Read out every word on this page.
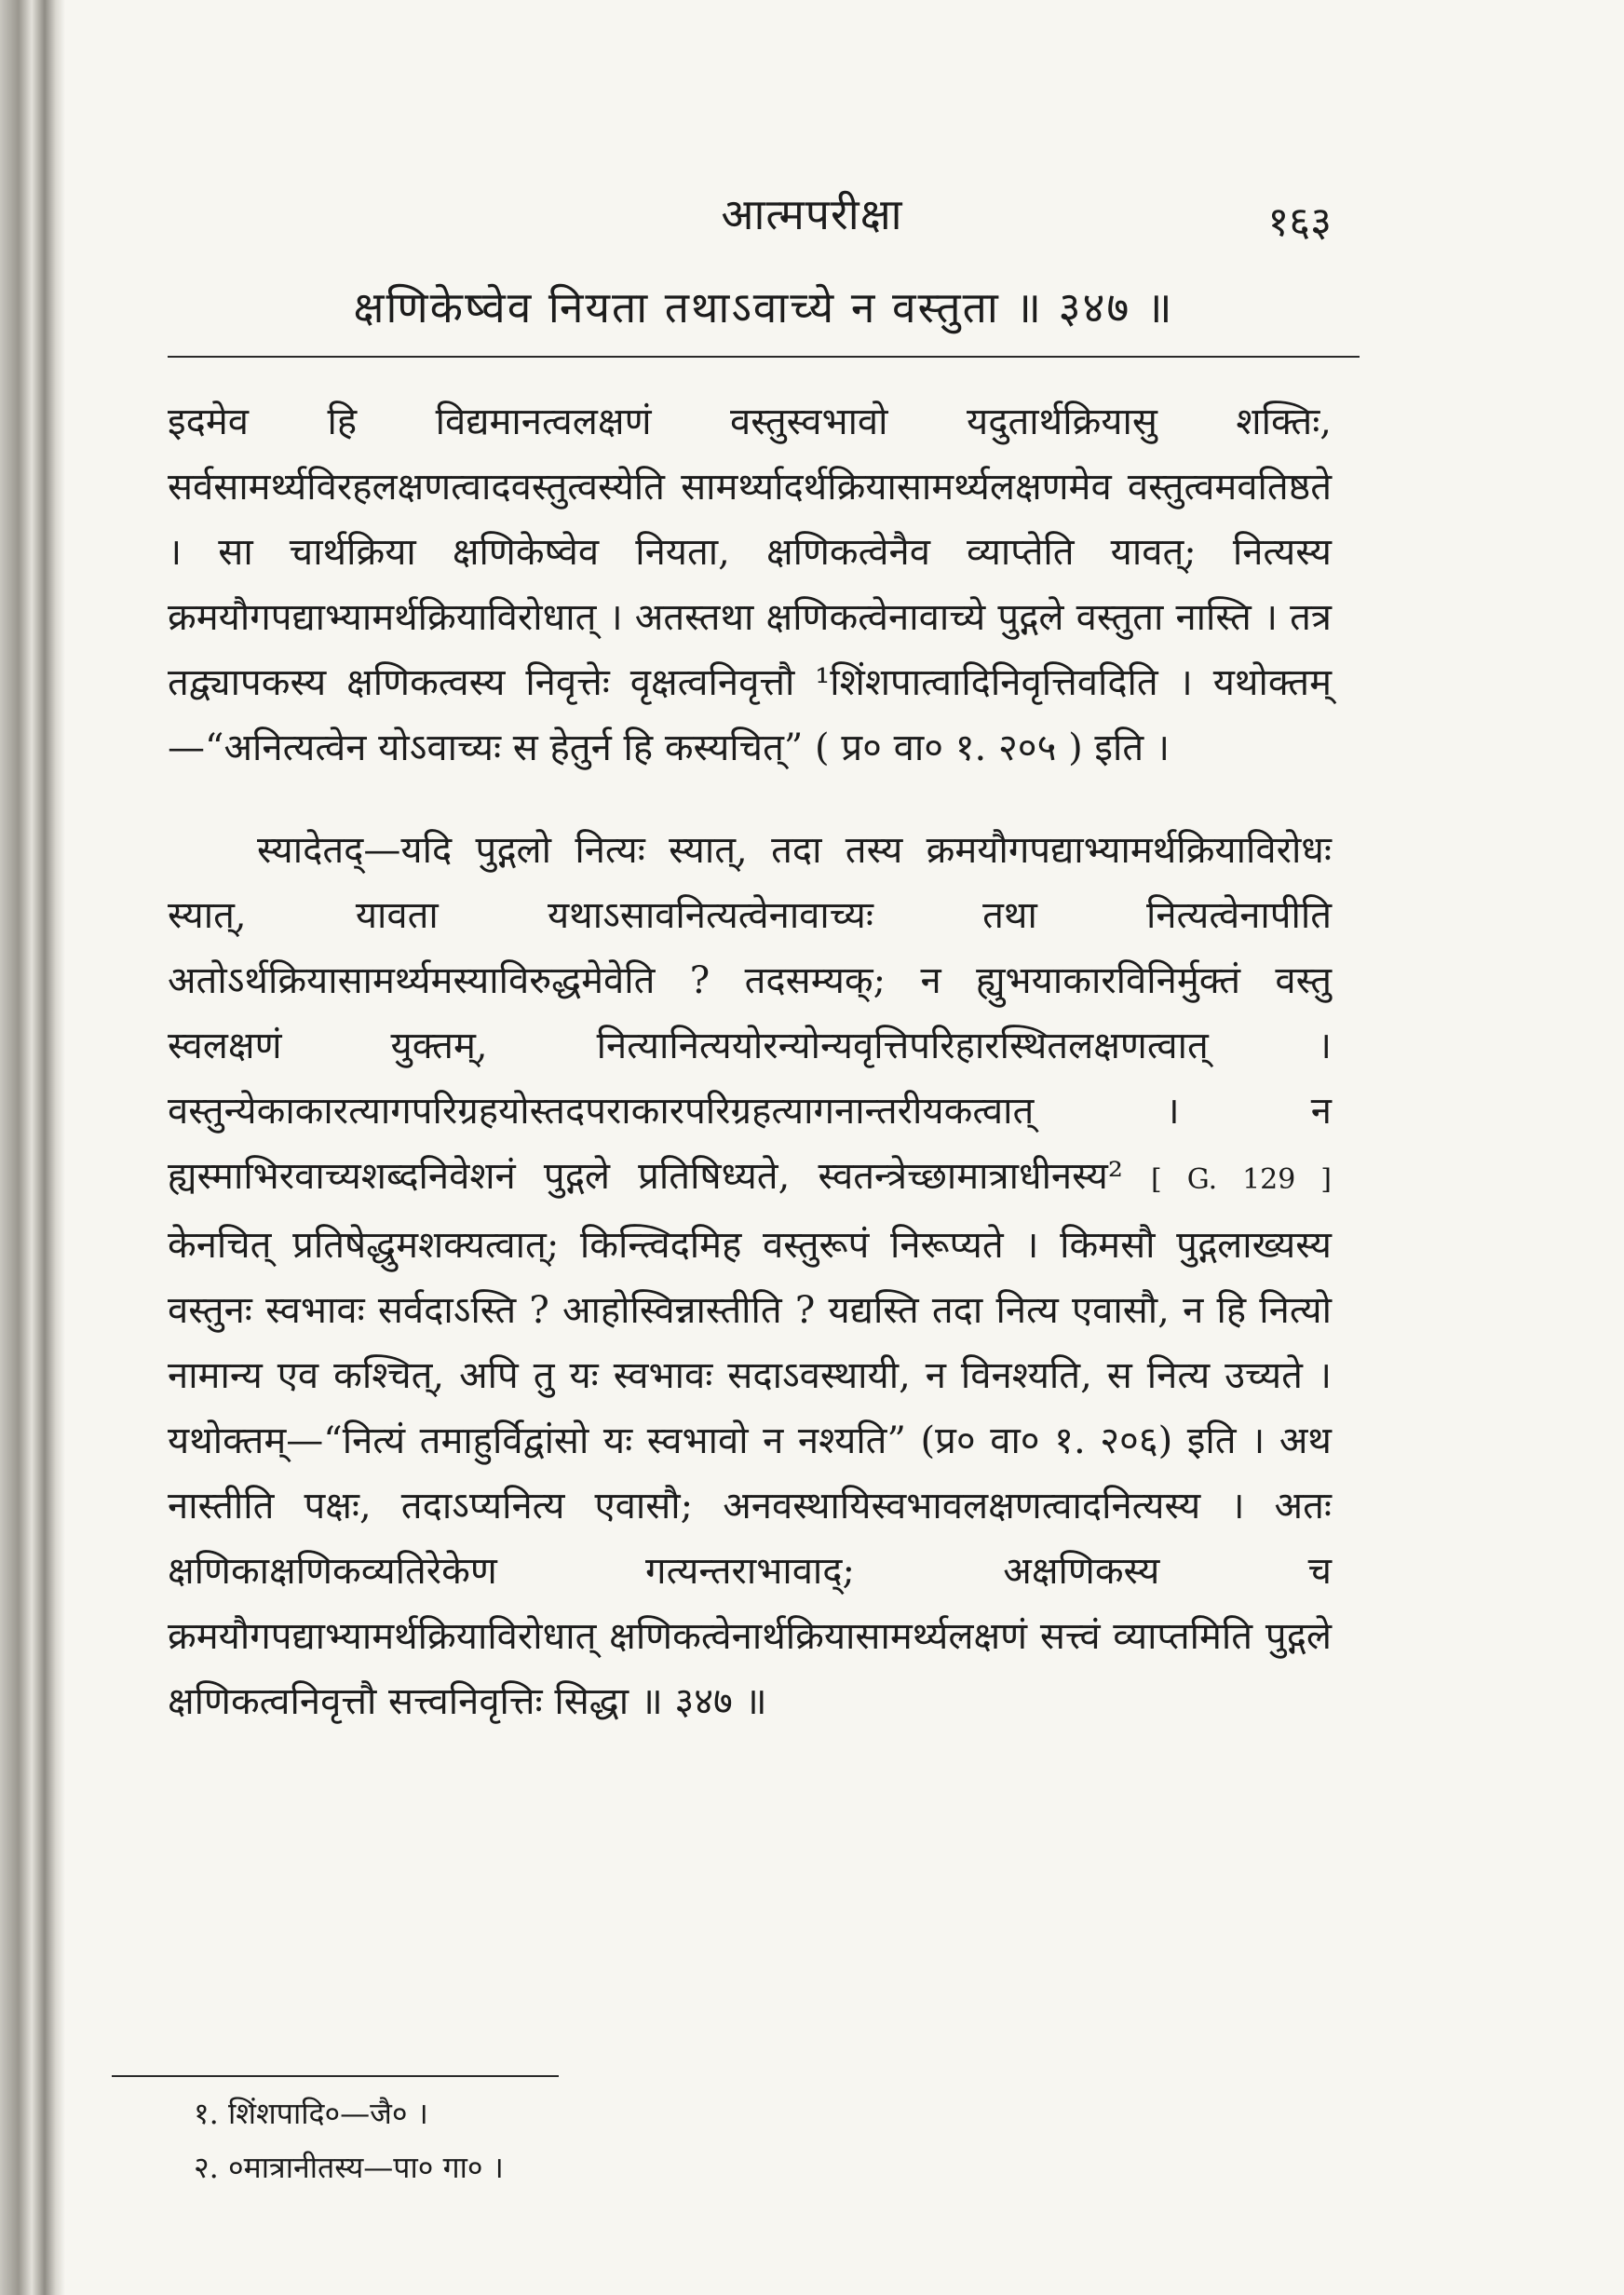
आत्मपरीक्षा	१६३
क्षणिकेष्वेव नियता तथाऽवाच्ये न वस्तुता ॥ ३४७ ॥

इदमेव हि विद्यमानत्वलक्षणं वस्तुस्वभावो यदुतार्थक्रियासु शक्तिः, सर्वसामर्थ्यविरहलक्षणत्वादवस्तुत्वस्येति सामर्थ्यादर्थक्रियासामर्थ्यलक्षणमेव वस्तुत्वमवतिष्ठते । सा चार्थक्रिया क्षणिकेष्वेव नियता, क्षणिकत्वेनैव व्याप्तेति यावत्; नित्यस्य क्रमयौगपद्याभ्यामर्थक्रियाविरोधात् । अतस्तथा क्षणिकत्वेनावाच्ये पुद्गले वस्तुता नास्ति । तत्र तद्व्यापकस्य क्षणिकत्वस्य निवृत्तेः वृक्षत्वनिवृत्तौ ¹शिंशपात्वादिनिवृत्तिवदिति । यथोक्तम्—“अनित्यत्वेन योऽवाच्यः स हेतुर्न हि कस्यचित्” ( प्र० वा० १. २०५ ) इति ।

स्यादेतद्—यदि पुद्गलो नित्यः स्यात्, तदा तस्य क्रमयौगपद्याभ्यामर्थक्रियाविरोधः स्यात्, यावता यथाऽसावनित्यत्वेनावाच्यः तथा नित्यत्वेनापीति अतोऽर्थक्रियासामर्थ्यमस्याविरुद्धमेवेति ? तदसम्यक्; न ह्युभयाकारविनिर्मुक्तं वस्तु स्वलक्षणं युक्तम्, नित्यानित्ययोरन्योन्यवृत्तिपरिहारस्थितलक्षणत्वात् । वस्तुन्येकाकारत्यागपरिग्रहयोस्तदपराकारपरिग्रहत्यागनान्तरीयकत्वात् । न ह्यस्माभिरवाच्यशब्दनिवेशनं पुद्गले प्रतिषिध्यते, स्वतन्त्रेच्छामात्राधीनस्य² [ G. 129 ] केनचित् प्रतिषेद्धुमशक्यत्वात्; किन्त्विदमिह वस्तुरूपं निरूप्यते । किमसौ पुद्गलाख्यस्य वस्तुनः स्वभावः सर्वदाऽस्ति ? आहोस्विन्नास्तीति ? यद्यस्ति तदा नित्य एवासौ, न हि नित्यो नामान्य एव कश्चित्, अपि तु यः स्वभावः सदाऽवस्थायी, न विनश्यति, स नित्य उच्यते । यथोक्तम्—“नित्यं तमाहुर्विद्वांसो यः स्वभावो न नश्यति” (प्र० वा० १. २०६) इति । अथ नास्तीति पक्षः, तदाऽप्यनित्य एवासौ; अनवस्थायिस्वभावलक्षणत्वादनित्यस्य । अतः क्षणिकाक्षणिकव्यतिरेकेण गत्यन्तराभावाद्; अक्षणिकस्य च क्रमयौगपद्याभ्यामर्थक्रियाविरोधात् क्षणिकत्वेनार्थक्रियासामर्थ्यलक्षणं सत्त्वं व्याप्तमिति पुद्गले क्षणिकत्वनिवृत्तौ सत्त्वनिवृत्तिः सिद्धा ॥ ३४७ ॥

१. शिंशपादि०—जै० ।
२. ०मात्रानीतस्य—पा० गा० ।
